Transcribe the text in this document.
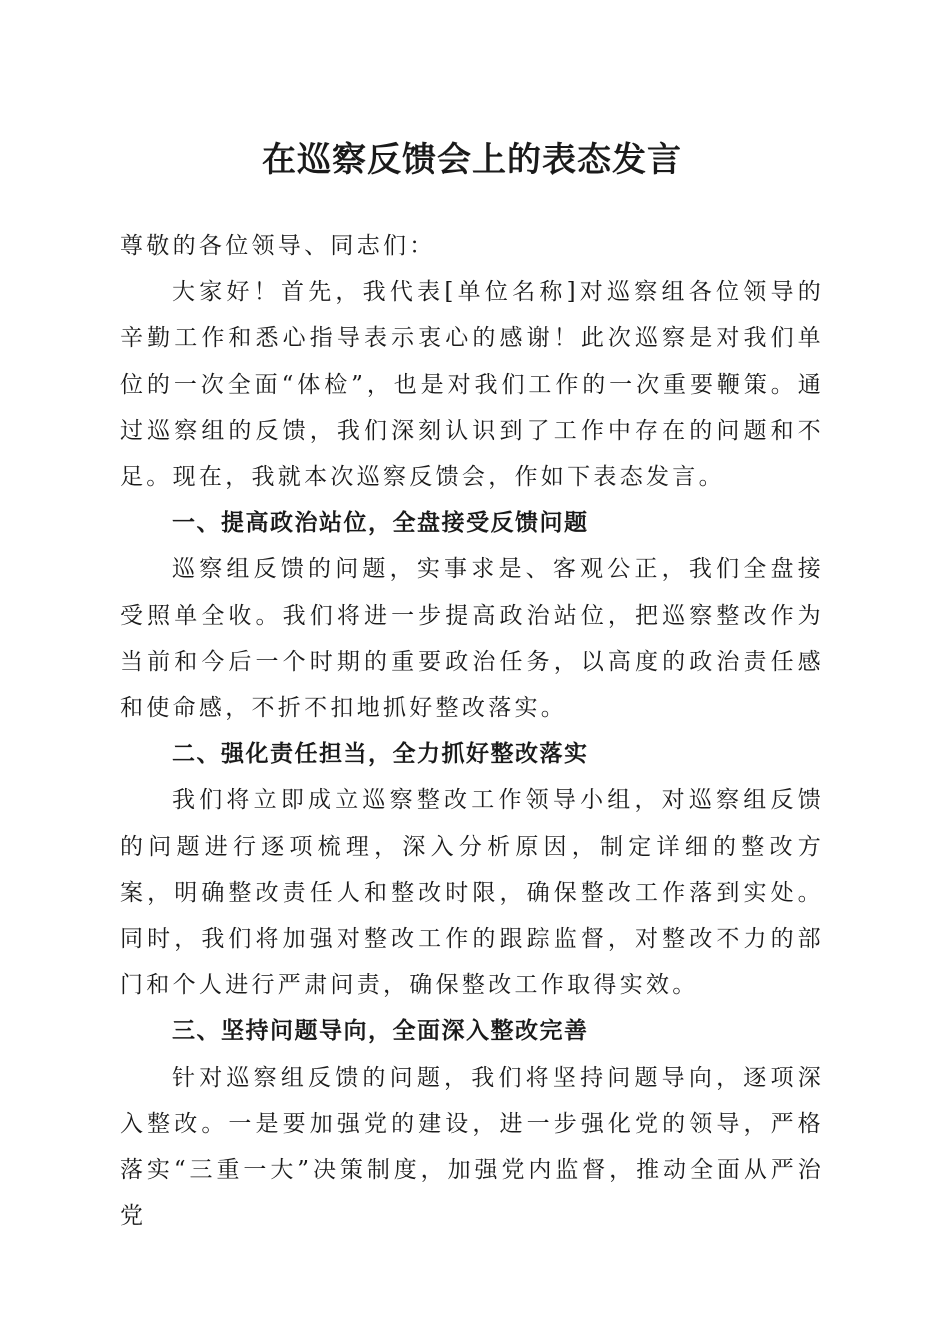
在巡察反馈会上的表态发言

尊敬的各位领导、同志们：

大家好！首先，我代表[单位名称]对巡察组各位领导的辛勤工作和悉心指导表示衷心的感谢！此次巡察是对我们单位的一次全面“体检”，也是对我们工作的一次重要鞭策。通过巡察组的反馈，我们深刻认识到了工作中存在的问题和不足。现在，我就本次巡察反馈会，作如下表态发言。

一、提高政治站位，全盘接受反馈问题

巡察组反馈的问题，实事求是、客观公正，我们全盘接受照单全收。我们将进一步提高政治站位，把巡察整改作为当前和今后一个时期的重要政治任务，以高度的政治责任感和使命感，不折不扣地抓好整改落实。

二、强化责任担当，全力抓好整改落实

我们将立即成立巡察整改工作领导小组，对巡察组反馈的问题进行逐项梳理，深入分析原因，制定详细的整改方案，明确整改责任人和整改时限，确保整改工作落到实处。同时，我们将加强对整改工作的跟踪监督，对整改不力的部门和个人进行严肃问责，确保整改工作取得实效。

三、坚持问题导向，全面深入整改完善

针对巡察组反馈的问题，我们将坚持问题导向，逐项深入整改。一是要加强党的建设，进一步强化党的领导，严格落实“三重一大”决策制度，加强党内监督，推动全面从严治党
